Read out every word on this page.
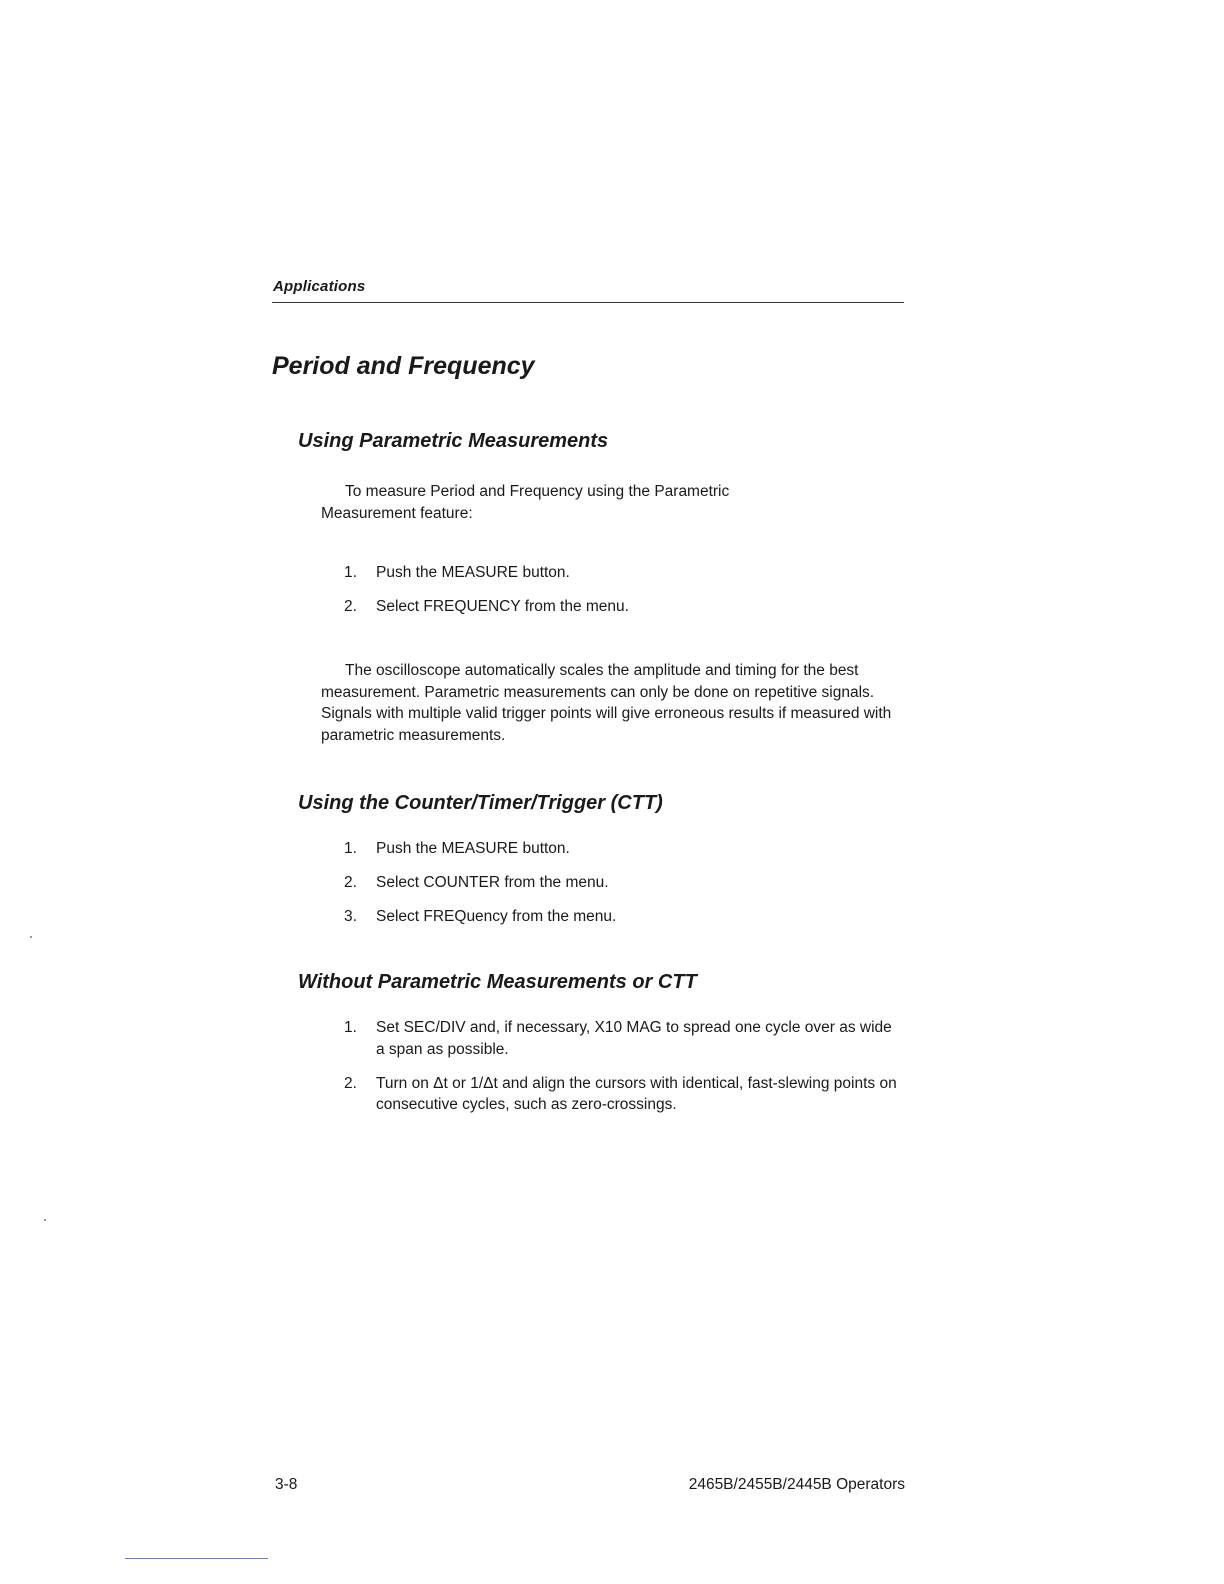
Applications
Period and Frequency
Using Parametric Measurements
To measure Period and Frequency using the Parametric
Measurement feature:
1. Push the MEASURE button.
2. Select FREQUENCY from the menu.

The oscilloscope automatically scales the amplitude and timing for the best measurement. Parametric measurements can only be done on repetitive signals. Signals with multiple valid trigger points will give erroneous results if measured with parametric measurements.

Using the Counter/Timer/Trigger (CTT)
1. Push the MEASURE button.
2. Select COUNTER from the menu.
3. Select FREQuency from the menu.
Without Parametric Measurements or CTT
1. Set SEC/DIV and, if necessary, X10 MAG to spread one cycle over as wide a span as possible.
2. Turn on Δt or 1/Δt and align the cursors with identical, fast-slewing points on consecutive cycles, such as zero-crossings.
3-8	2465B/2455B/2445B Operators
